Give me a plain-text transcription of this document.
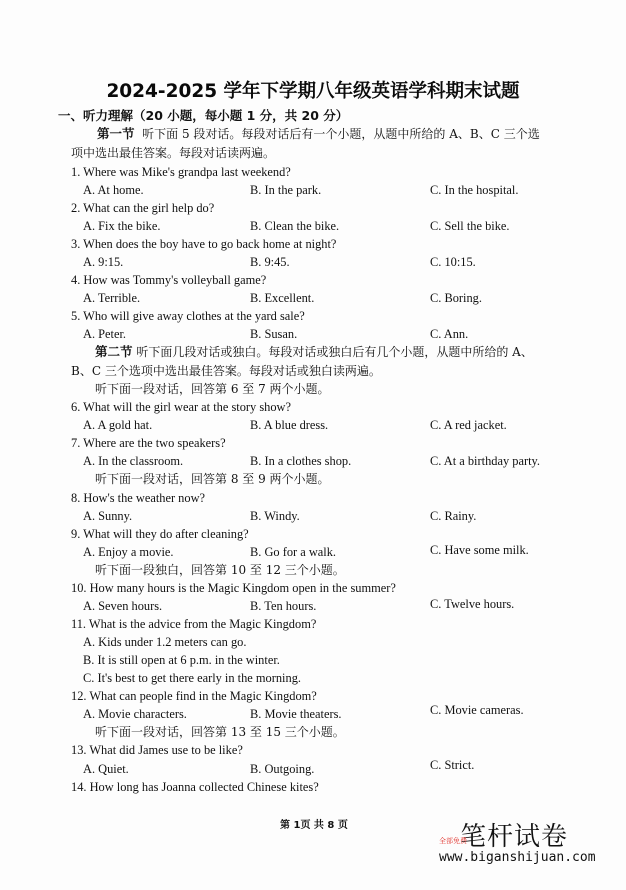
2024-2025 学年下学期八年级英语学科期末试题
一、听力理解（20 小题，每小题 1 分，共 20 分）
第一节 听下面 5 段对话。每段对话后有一个小题，从题中所给的 A、B、C 三个选
项中选出最佳答案。每段对话读两遍。
1. Where was Mike's grandpa last weekend?
A. At home.	B. In the park.	C. In the hospital.
2. What can the girl help do?
A. Fix the bike.	B. Clean the bike.	C. Sell the bike.
3. When does the boy have to go back home at night?
A. 9:15.	B. 9:45.	C. 10:15.
4. How was Tommy's volleyball game?
A. Terrible.	B. Excellent.	C. Boring.
5. Who will give away clothes at the yard sale?
A. Peter.	B. Susan.	C. Ann.
第二节 听下面几段对话或独白。每段对话或独白后有几个小题，从题中所给的 A、
B、C 三个选项中选出最佳答案。每段对话或独白读两遍。
听下面一段对话，回答第 6 至 7 两个小题。
6. What will the girl wear at the story show?
A. A gold hat.	B. A blue dress.	C. A red jacket.
7. Where are the two speakers?
A. In the classroom.	B. In a clothes shop.	C. At a birthday party.
听下面一段对话，回答第 8 至 9 两个小题。
8. How's the weather now?
A. Sunny.	B. Windy.	C. Rainy.
9. What will they do after cleaning?
A. Enjoy a movie.	B. Go for a walk.	C. Have some milk.
听下面一段独白，回答第 10 至 12 三个小题。
10. How many hours is the Magic Kingdom open in the summer?
A. Seven hours.	B. Ten hours.	C. Twelve hours.
11. What is the advice from the Magic Kingdom?
A. Kids under 1.2 meters can go.
B. It is still open at 6 p.m. in the winter.
C. It's best to get there early in the morning.
12. What can people find in the Magic Kingdom?
A. Movie characters.	B. Movie theaters.	C. Movie cameras.
听下面一段对话，回答第 13 至 15 三个小题。
13. What did James use to be like?
A. Quiet.	B. Outgoing.	C. Strict.
14. How long has Joanna collected Chinese kites?
第 1页 共 8 页	笔杆试卷
全部免费
www.biganshijuan.com
